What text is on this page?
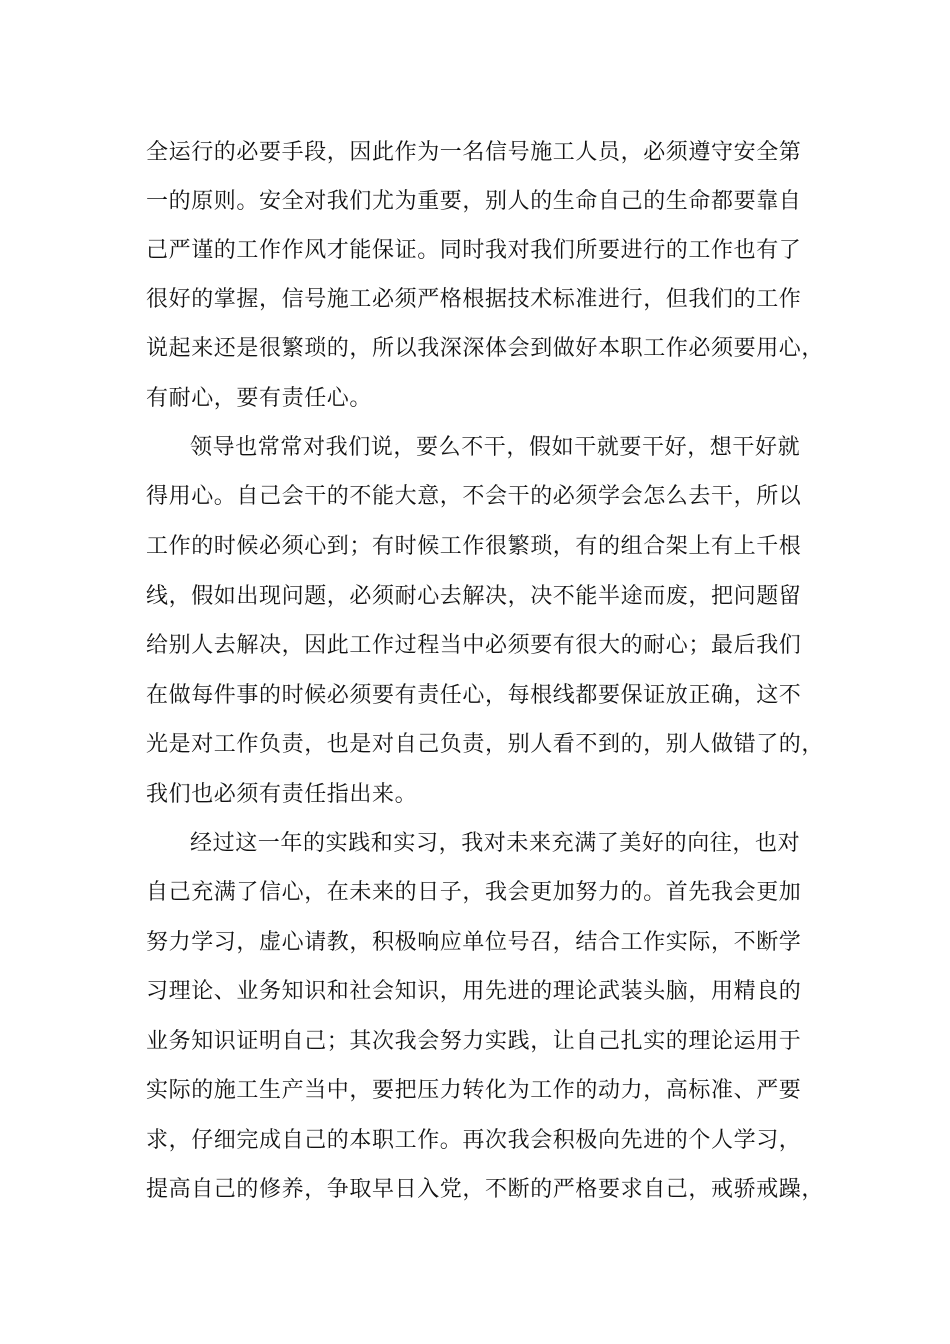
全运行的必要手段，因此作为一名信号施工人员，必须遵守安全第
一的原则。安全对我们尤为重要，别人的生命自己的生命都要靠自
己严谨的工作作风才能保证。同时我对我们所要进行的工作也有了
很好的掌握，信号施工必须严格根据技术标准进行，但我们的工作
说起来还是很繁琐的，所以我深深体会到做好本职工作必须要用心，
有耐心，要有责任心。
领导也常常对我们说，要么不干，假如干就要干好，想干好就
得用心。自己会干的不能大意，不会干的必须学会怎么去干，所以
工作的时候必须心到；有时候工作很繁琐，有的组合架上有上千根
线，假如出现问题，必须耐心去解决，决不能半途而废，把问题留
给别人去解决，因此工作过程当中必须要有很大的耐心；最后我们
在做每件事的时候必须要有责任心，每根线都要保证放正确，这不
光是对工作负责，也是对自己负责，别人看不到的，别人做错了的，
我们也必须有责任指出来。
经过这一年的实践和实习，我对未来充满了美好的向往，也对
自己充满了信心，在未来的日子，我会更加努力的。首先我会更加
努力学习，虚心请教，积极响应单位号召，结合工作实际，不断学
习理论、业务知识和社会知识，用先进的理论武装头脑，用精良的
业务知识证明自己；其次我会努力实践，让自己扎实的理论运用于
实际的施工生产当中，要把压力转化为工作的动力，高标准、严要
求，仔细完成自己的本职工作。再次我会积极向先进的个人学习，
提高自己的修养，争取早日入党，不断的严格要求自己，戒骄戒躁，
